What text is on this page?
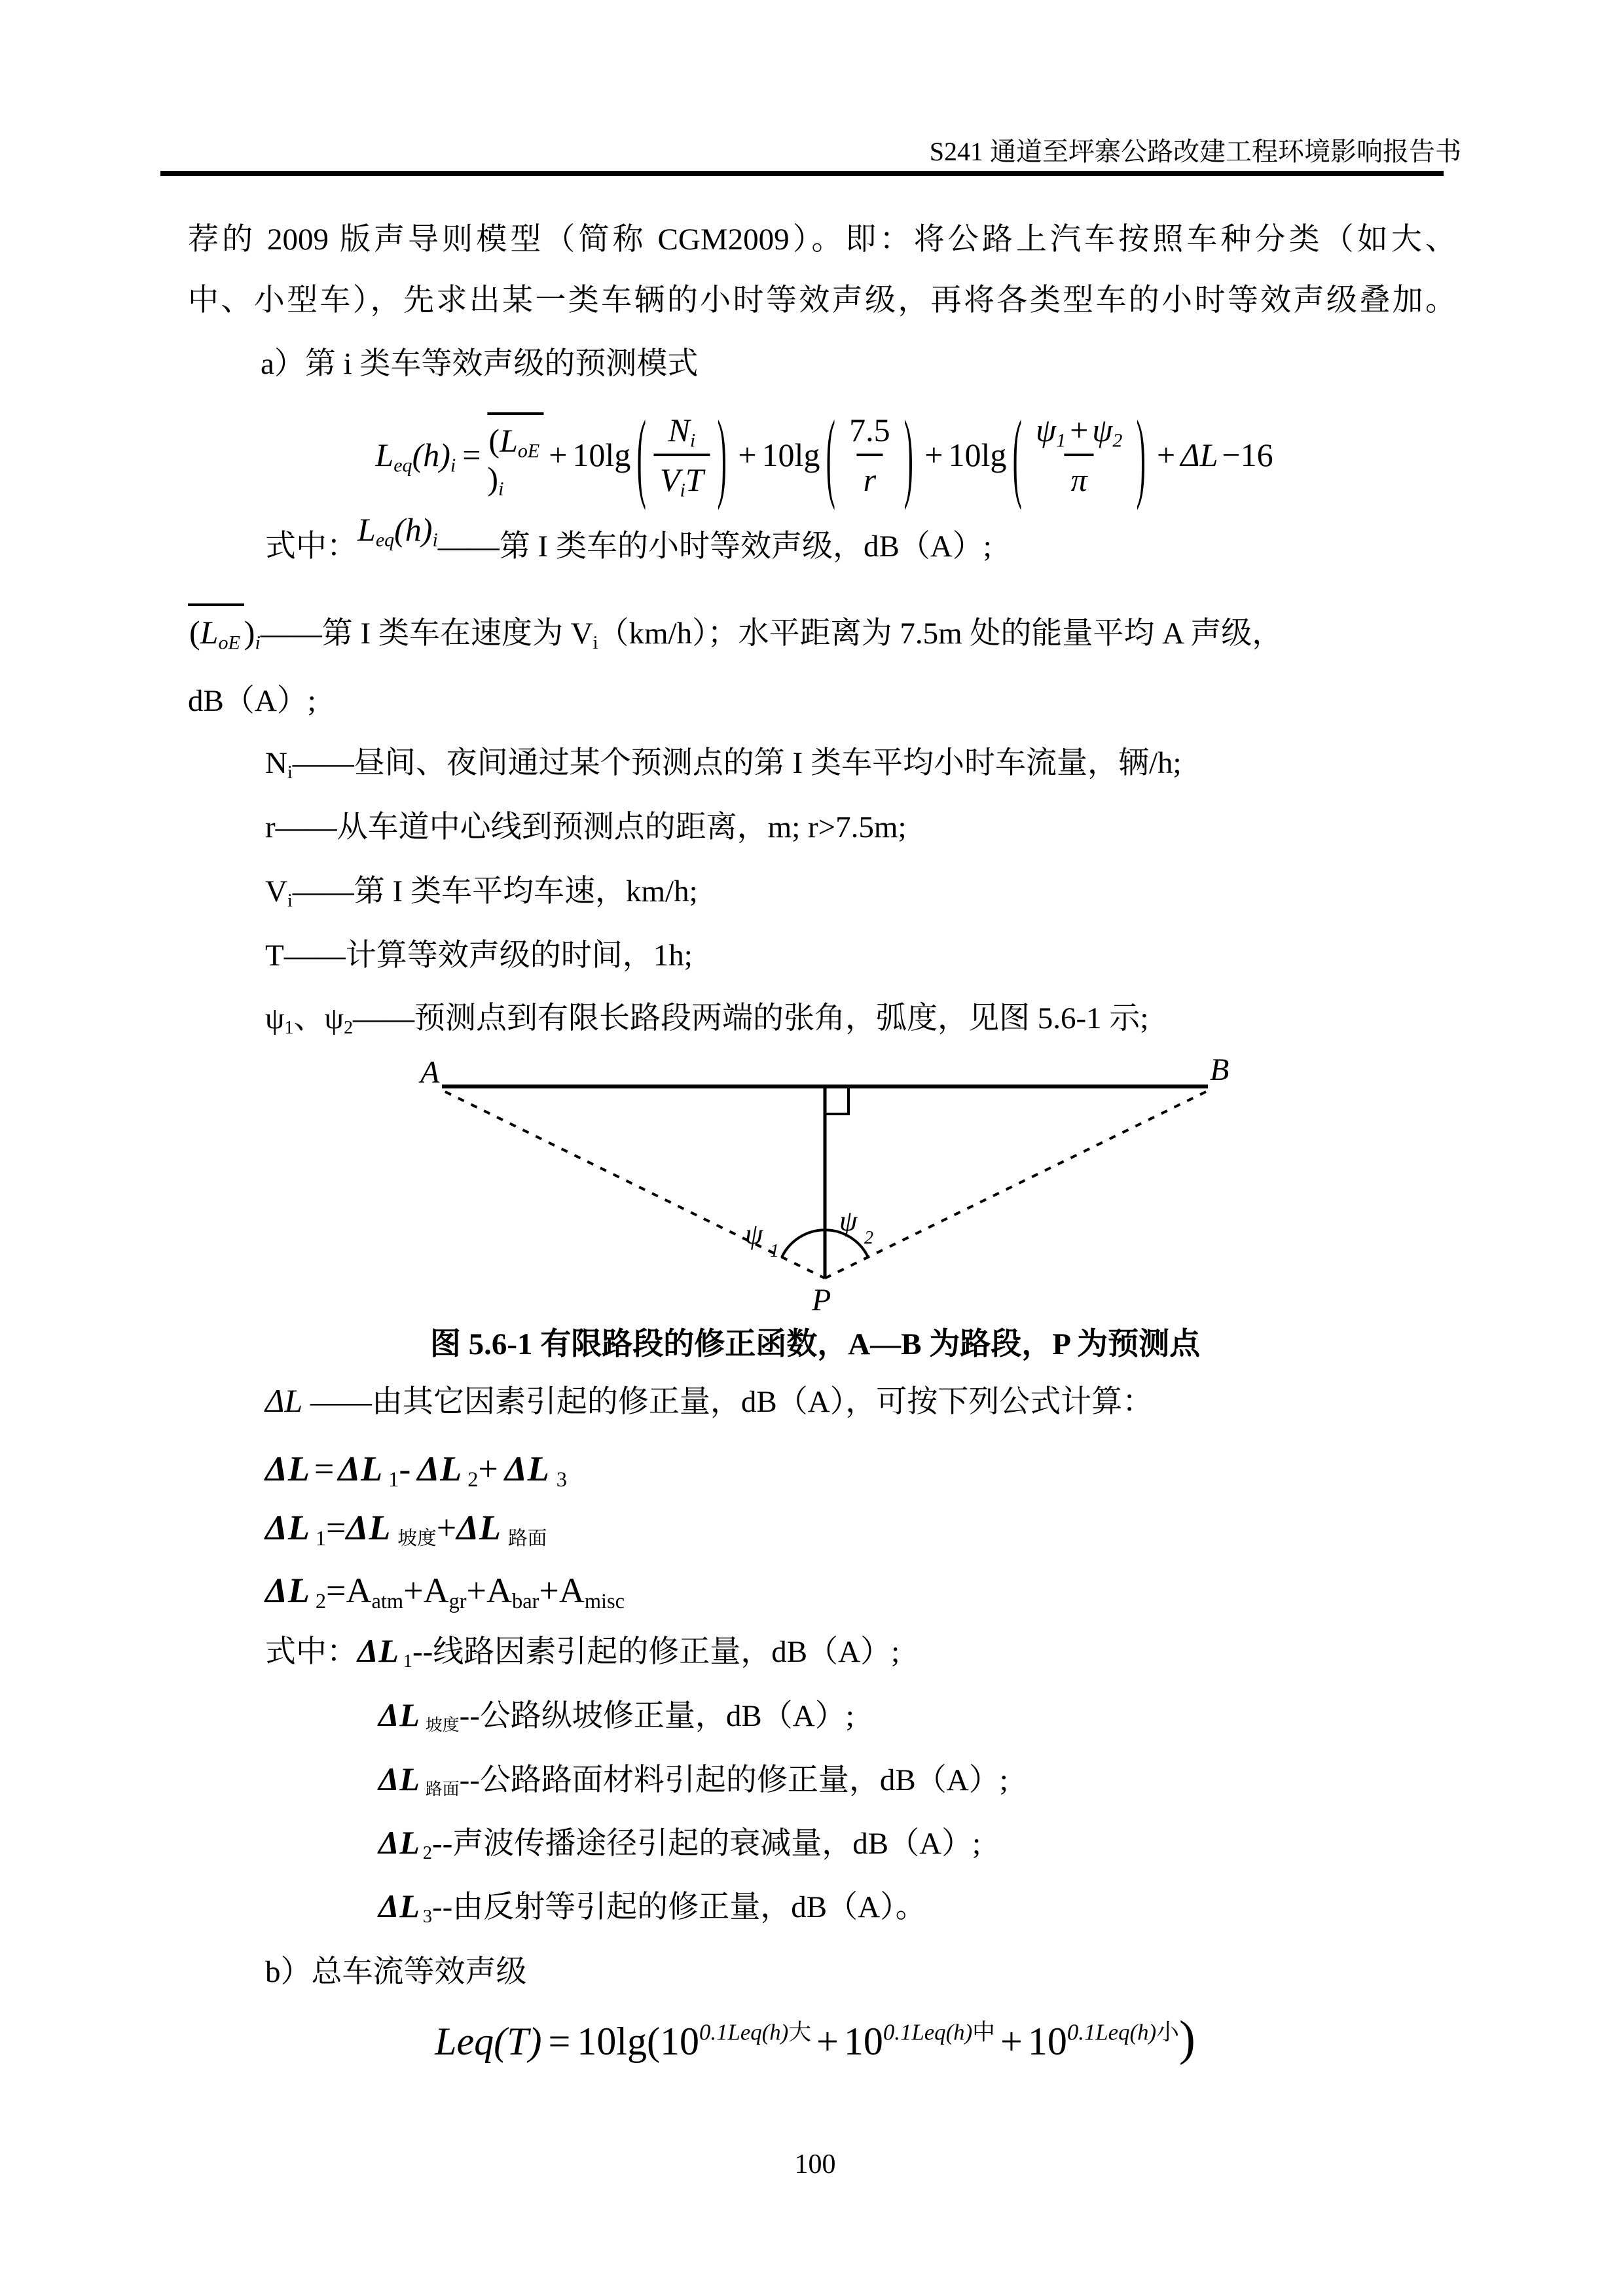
S241 通道至坪寨公路改建工程环境影响报告书
荐的 2009 版声导则模型（简称 CGM2009）。即：将公路上汽车按照车种分类（如大、
中、小型车），先求出某一类车辆的小时等效声级，再将各类型车的小时等效声级叠加。
a）第 i 类车等效声级的预测模式
$L_{eq}(h)_i = (L_{oE})_i$
+ 10lg ( $\frac{N_i}{V_iT}$ ) + 10lg ( $\frac{7.5}{r}$ ) + 10lg ( $\frac{\psi_1 + \psi_2}{\pi}$ ) + ΔL −16
式中：$L_{eq}(h)_i——$第 I 类车的小时等效声级，dB（A）;
($L_{oE}$ )$_i——$第 I 类车在速度为 $V_i(km/h)$；水平距离为 7.5m 处的能量平均 A 声级，
dB（A）;
$N_i——$昼间、夜间通过某个预测点的第 I 类车平均小时车流量，辆/h;
r——从车道中心线到预测点的距离，m; r>7.5m;
$V_i——$第 I 类车平均车速，km/h;
T——计算等效声级的时间，1h;
$\psi_1$、$\psi_2——$预测点到有限长路段两端的张角，弧度，见图 5.6-1 示;
A	B
ψ
1
ψ
2
P
图 5.6-1 有限路段的修正函数，A—B 为路段，P 为预测点
ΔL ——由其它因素引起的修正量，dB（A），可按下列公式计算：
ΔL = ΔL $_1$- ΔL $_2$+ ΔL $_3$
ΔL $_1$=ΔL $_{坡度}$+ΔL $_{路面}$
ΔL $_2=A_{atm}+A_{gr}+A_{bar}+A_{misc}$
式中：ΔL $_1$--线路因素引起的修正量，dB（A）;
ΔL $_{坡度}$--公路纵坡修正量，dB（A）;
ΔL $_{路面}$--公路路面材料引起的修正量，dB（A）;
ΔL $_2$--声波传播途径引起的衰减量，dB（A）;
ΔL $_3$--由反射等引起的修正量，dB（A）。
b）总车流等效声级
$Leq(T) = 10\lg(10^{0.1Leq(h)大} + 10^{0.1Leq(h)中} + 10^{0.1Leq(h)小})$
100
